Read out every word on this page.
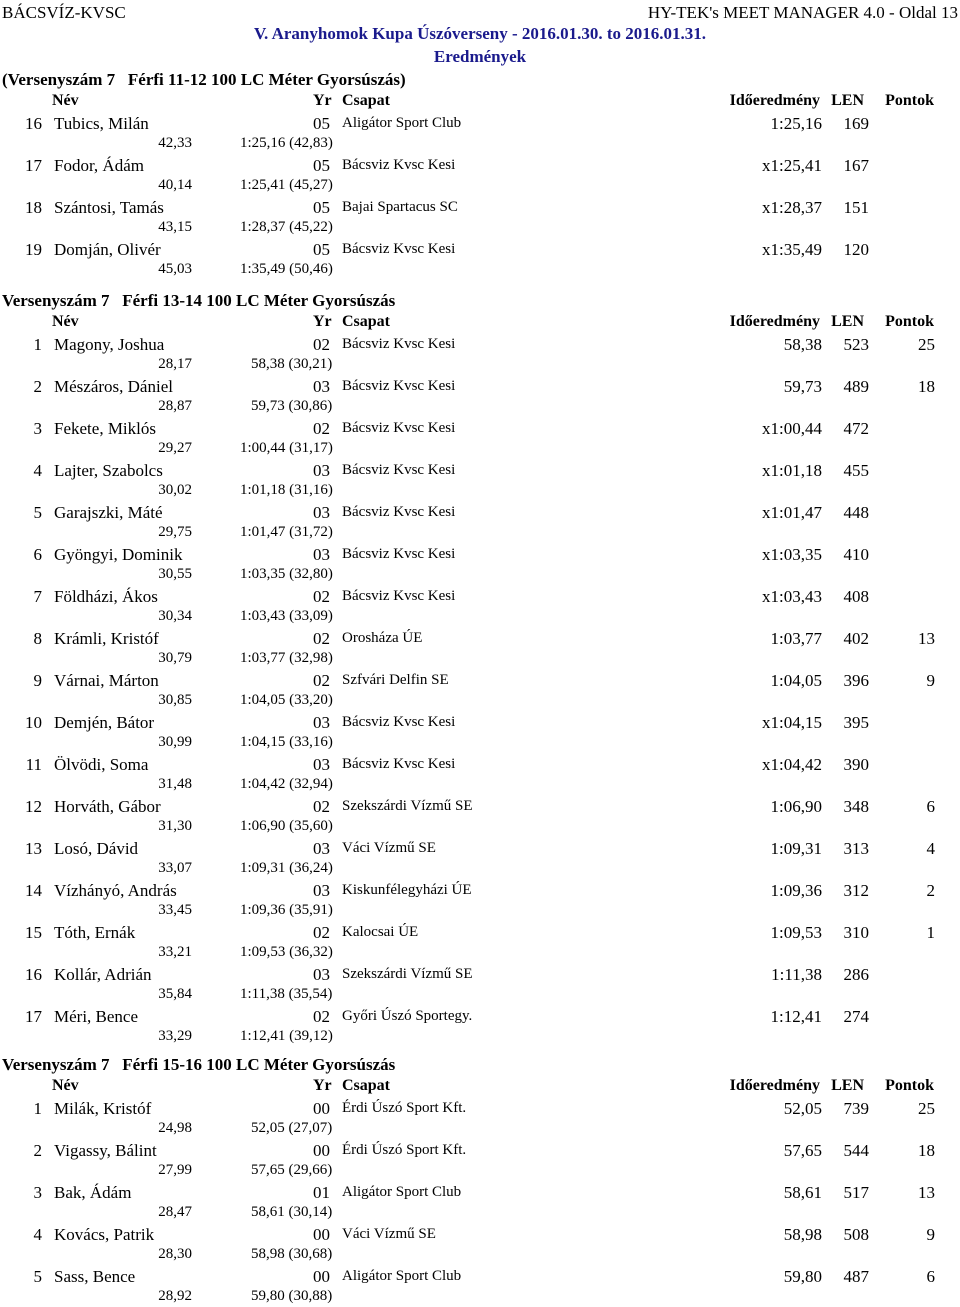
BÁCSVÍZ-KVSC	HY-TEK's MEET MANAGER 4.0 - Oldal 13
V. Aranyhomok Kupa Úszóverseny - 2016.01.30. to 2016.01.31.
Eredmények
(Versenyszám 7   Férfi 11-12 100 LC Méter Gyorsúszás)
Név	Yr Csapat	Időeredmény LEN Pontok
16 Tubics, Milán	05 Aligátor Sport Club	1:25,16 169
42,33	1:25,16 (42,83)
17 Fodor, Ádám	05 Bácsviz Kvsc Kesi	x1:25,41 167
40,14	1:25,41 (45,27)
18 Szántosi, Tamás	05 Bajai Spartacus SC	x1:28,37 151
43,15	1:28,37 (45,22)
19 Domján, Olivér	05 Bácsviz Kvsc Kesi	x1:35,49 120
45,03	1:35,49 (50,46)
Versenyszám 7   Férfi 13-14 100 LC Méter Gyorsúszás
Név	Yr Csapat	Időeredmény LEN Pontok
1 Magony, Joshua	02 Bácsviz Kvsc Kesi	58,38 523	25
28,17	58,38 (30,21)
2 Mészáros, Dániel	03 Bácsviz Kvsc Kesi	59,73 489	18
28,87	59,73 (30,86)
3 Fekete, Miklós	02 Bácsviz Kvsc Kesi	x1:00,44 472
29,27	1:00,44 (31,17)
4 Lajter, Szabolcs	03 Bácsviz Kvsc Kesi	x1:01,18 455
30,02	1:01,18 (31,16)
5 Garajszki, Máté	03 Bácsviz Kvsc Kesi	x1:01,47 448
29,75	1:01,47 (31,72)
6 Gyöngyi, Dominik	03 Bácsviz Kvsc Kesi	x1:03,35 410
30,55	1:03,35 (32,80)
7 Földházi, Ákos	02 Bácsviz Kvsc Kesi	x1:03,43 408
30,34	1:03,43 (33,09)
8 Krámli, Kristóf	02 Orosháza ÚE	1:03,77 402	13
30,79	1:03,77 (32,98)
9 Várnai, Márton	02 Szfvári Delfin SE	1:04,05 396	9
30,85	1:04,05 (33,20)
10 Demjén, Bátor	03 Bácsviz Kvsc Kesi	x1:04,15 395
30,99	1:04,15 (33,16)
11 Ölvödi, Soma	03 Bácsviz Kvsc Kesi	x1:04,42 390
31,48	1:04,42 (32,94)
12 Horváth, Gábor	02 Szekszárdi Vízmű SE	1:06,90 348	6
31,30	1:06,90 (35,60)
13 Losó, Dávid	03 Váci Vízmű SE	1:09,31 313	4
33,07	1:09,31 (36,24)
14 Vízhányó, András	03 Kiskunfélegyházi ÚE	1:09,36 312	2
33,45	1:09,36 (35,91)
15 Tóth, Ernák	02 Kalocsai ÚE	1:09,53 310	1
33,21	1:09,53 (36,32)
16 Kollár, Adrián	03 Szekszárdi Vízmű SE	1:11,38 286
35,84	1:11,38 (35,54)
17 Méri, Bence	02 Győri Úszó Sportegy.	1:12,41 274
33,29	1:12,41 (39,12)
Versenyszám 7   Férfi 15-16 100 LC Méter Gyorsúszás
Név	Yr Csapat	Időeredmény LEN Pontok
1 Milák, Kristóf	00 Érdi Úszó Sport Kft.	52,05 739	25
24,98	52,05 (27,07)
2 Vigassy, Bálint	00 Érdi Úszó Sport Kft.	57,65 544	18
27,99	57,65 (29,66)
3 Bak, Ádám	01 Aligátor Sport Club	58,61 517	13
28,47	58,61 (30,14)
4 Kovács, Patrik	00 Váci Vízmű SE	58,98 508	9
28,30	58,98 (30,68)
5 Sass, Bence	00 Aligátor Sport Club	59,80 487	6
28,92	59,80 (30,88)
